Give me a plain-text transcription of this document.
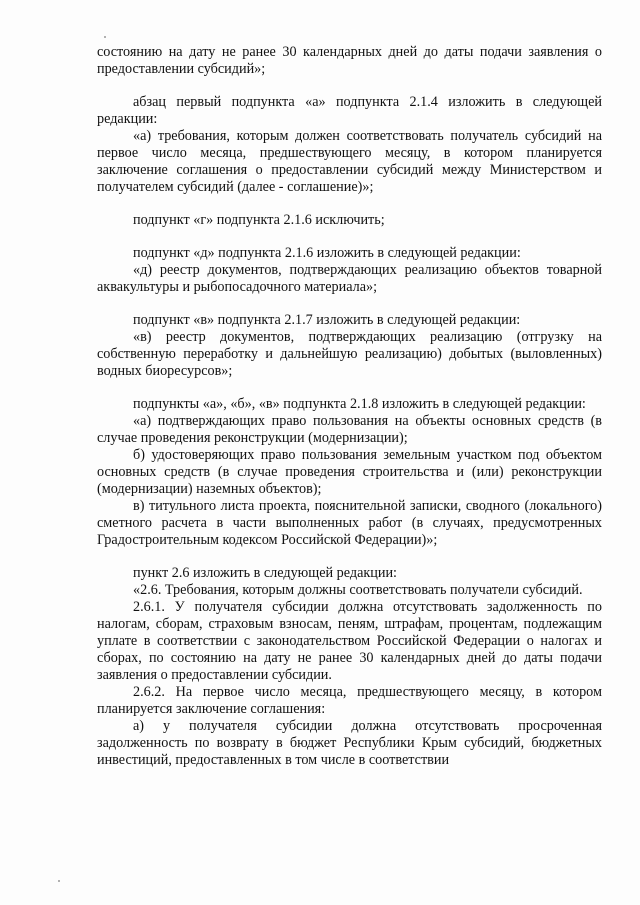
состоянию на дату не ранее 30 календарных дней до даты подачи заявления о предоставлении субсидий»;

абзац первый подпункта «а» подпункта 2.1.4 изложить в следующей редакции:

«а) требования, которым должен соответствовать получатель субсидий на первое число месяца, предшествующего месяцу, в котором планируется заключение соглашения о предоставлении субсидий между Министерством и получателем субсидий (далее - соглашение)»;

подпункт «г» подпункта 2.1.6 исключить;

подпункт «д» подпункта 2.1.6 изложить в следующей редакции:

«д) реестр документов, подтверждающих реализацию объектов товарной аквакультуры и рыбопосадочного материала»;

подпункт «в» подпункта 2.1.7 изложить в следующей редакции:

«в) реестр документов, подтверждающих реализацию (отгрузку на собственную переработку и дальнейшую реализацию) добытых (выловленных) водных биоресурсов»;

подпункты «а», «б», «в» подпункта 2.1.8 изложить в следующей редакции:

«а) подтверждающих право пользования на объекты основных средств (в случае проведения реконструкции (модернизации);

б) удостоверяющих право пользования земельным участком под объектом основных средств (в случае проведения строительства и (или) реконструкции (модернизации) наземных объектов);

в) титульного листа проекта, пояснительной записки, сводного (локального) сметного расчета в части выполненных работ (в случаях, предусмотренных Градостроительным кодексом Российской Федерации)»;

пункт 2.6 изложить в следующей редакции:

«2.6. Требования, которым должны соответствовать получатели субсидий.

2.6.1. У получателя субсидии должна отсутствовать задолженность по налогам, сборам, страховым взносам, пеням, штрафам, процентам, подлежащим уплате в соответствии с законодательством Российской Федерации о налогах и сборах, по состоянию на дату не ранее 30 календарных дней до даты подачи заявления о предоставлении субсидии.

2.6.2. На первое число месяца, предшествующего месяцу, в котором планируется заключение соглашения:

а) у получателя субсидии должна отсутствовать просроченная задолженность по возврату в бюджет Республики Крым субсидий, бюджетных инвестиций, предоставленных в том числе в соответствии
